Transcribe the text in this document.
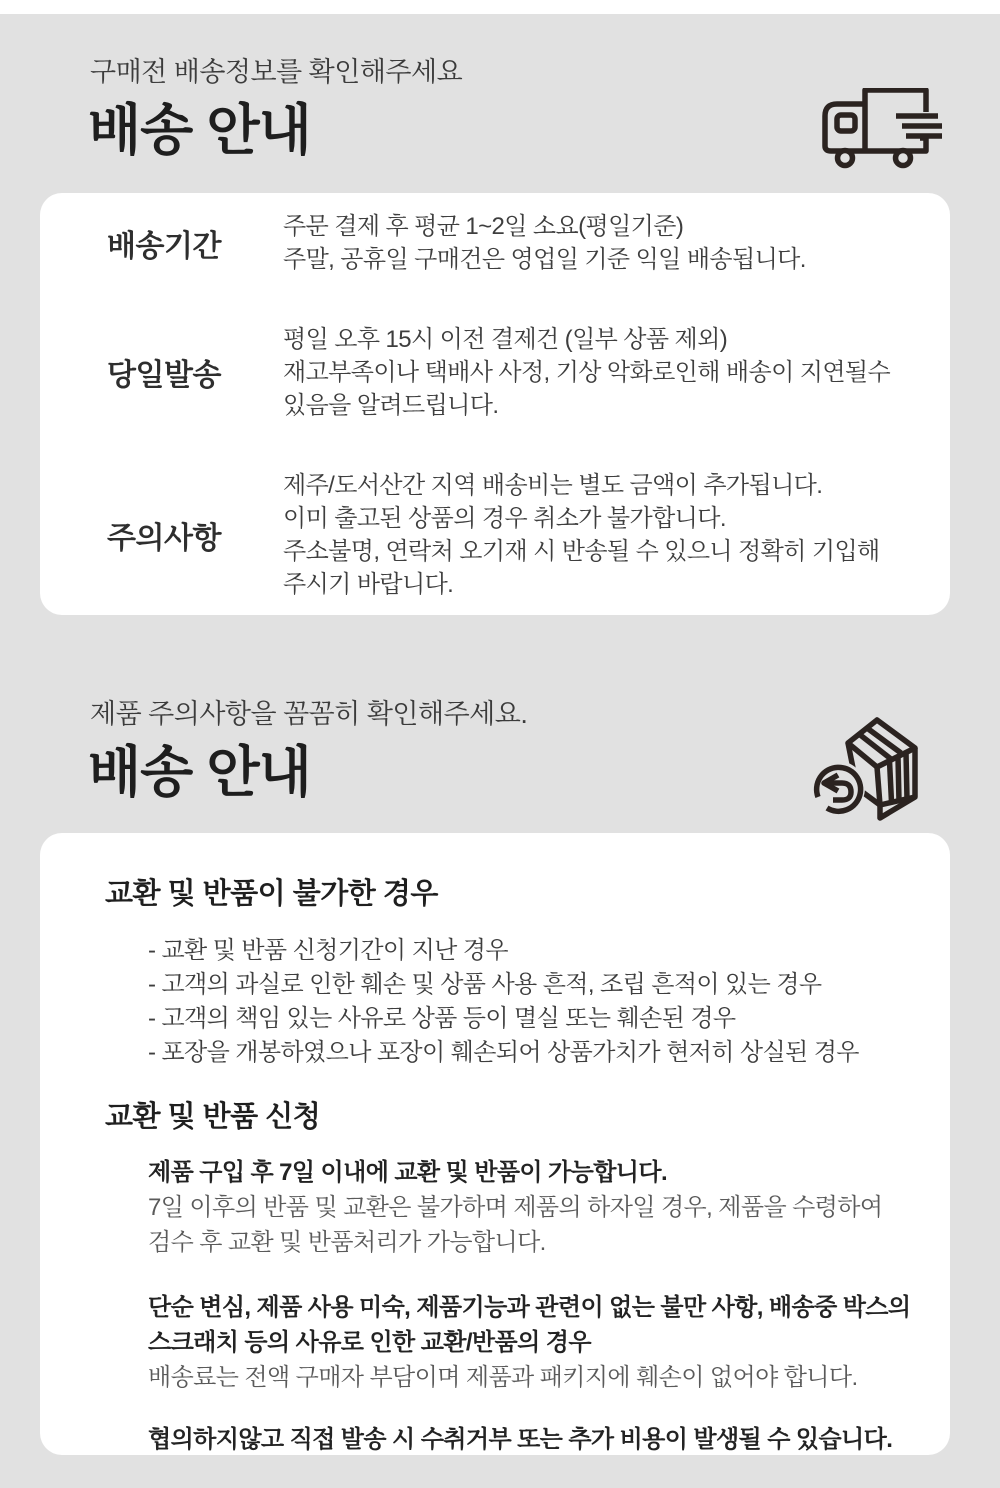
구매전 배송정보를 확인해주세요
배송 안내
배송기간
주문 결제 후 평균 1~2일 소요(평일기준)
주말, 공휴일 구매건은 영업일 기준 익일 배송됩니다.
당일발송
평일 오후 15시 이전 결제건 (일부 상품 제외)
재고부족이나 택배사 사정, 기상 악화로인해 배송이 지연될수
있음을 알려드립니다.
주의사항
제주/도서산간 지역 배송비는 별도 금액이 추가됩니다.
이미 출고된 상품의 경우 취소가 불가합니다.
주소불명, 연락처 오기재 시 반송될 수 있으니 정확히 기입해
주시기 바랍니다.
제품 주의사항을 꼼꼼히 확인해주세요.
배송 안내
교환 및 반품이 불가한 경우
- 교환 및 반품 신청기간이 지난 경우
- 고객의 과실로 인한 훼손 및 상품 사용 흔적, 조립 흔적이 있는 경우
- 고객의 책임 있는 사유로 상품 등이 멸실 또는 훼손된 경우
- 포장을 개봉하였으나 포장이 훼손되어 상품가치가 현저히 상실된 경우
교환 및 반품 신청
제품 구입 후 7일 이내에 교환 및 반품이 가능합니다.
7일 이후의 반품 및 교환은 불가하며 제품의 하자일 경우, 제품을 수령하여
검수 후 교환 및 반품처리가 가능합니다.
단순 변심, 제품 사용 미숙, 제품기능과 관련이 없는 불만 사항, 배송중 박스의
스크래치 등의 사유로 인한 교환/반품의 경우
배송료는 전액 구매자 부담이며 제품과 패키지에 훼손이 없어야 합니다.
협의하지않고 직접 발송 시 수취거부 또는 추가 비용이 발생될 수 있습니다.
